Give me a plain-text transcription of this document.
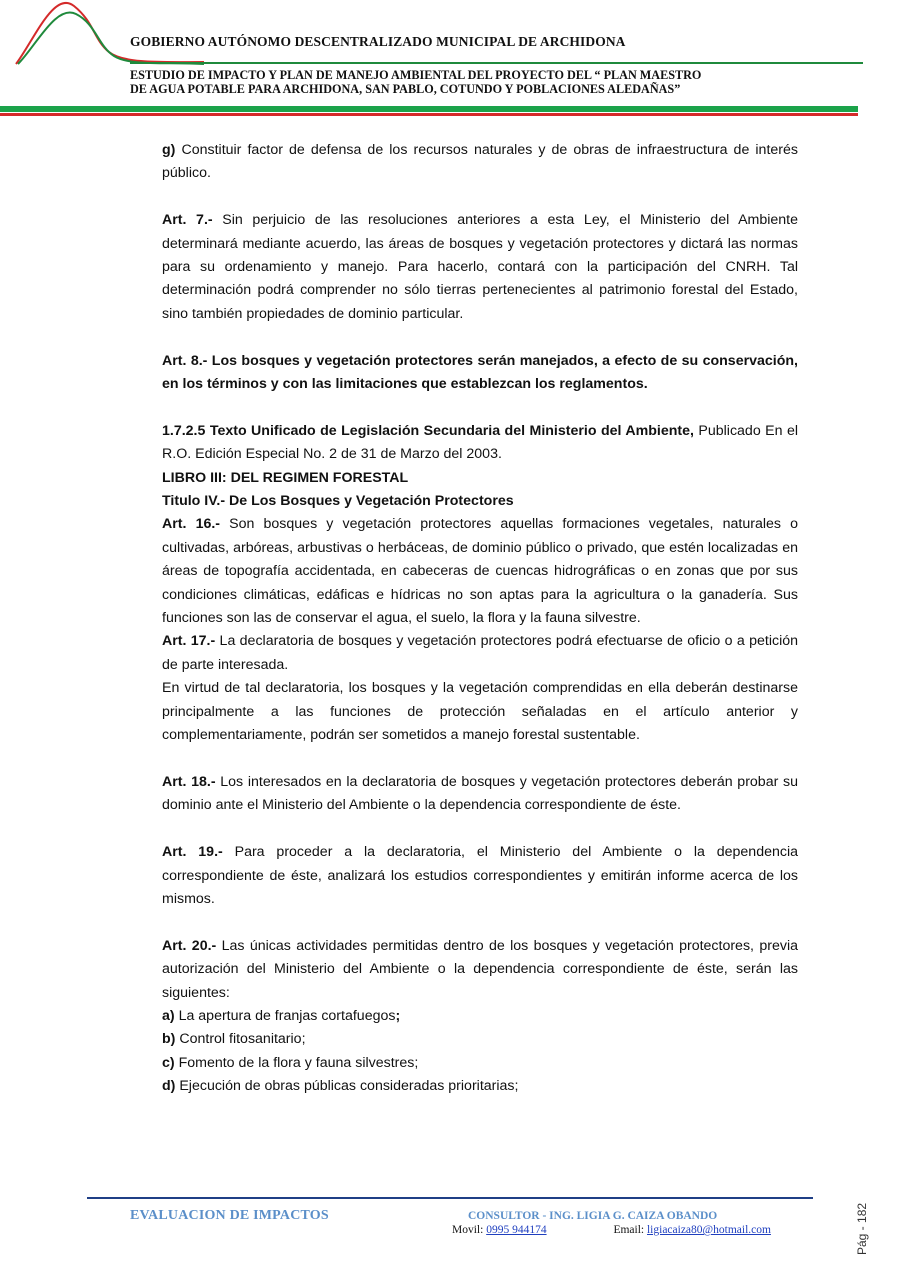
GOBIERNO AUTÓNOMO DESCENTRALIZADO MUNICIPAL DE ARCHIDONA
ESTUDIO DE IMPACTO Y PLAN DE MANEJO AMBIENTAL DEL PROYECTO DEL “ PLAN MAESTRO
DE AGUA POTABLE PARA ARCHIDONA, SAN PABLO, COTUNDO Y POBLACIONES ALEDAÑAS”

g) Constituir factor de defensa de los recursos naturales y de obras de infraestructura de interés público.

Art. 7.- Sin perjuicio de las resoluciones anteriores a esta Ley, el Ministerio del Ambiente determinará mediante acuerdo, las áreas de bosques y vegetación protectores y dictará las normas para su ordenamiento y manejo. Para hacerlo, contará con la participación del CNRH. Tal determinación podrá comprender no sólo tierras pertenecientes al patrimonio forestal del Estado, sino también propiedades de dominio particular.

Art. 8.- Los bosques y vegetación protectores serán manejados, a efecto de su conservación, en los términos y con las limitaciones que establezcan los reglamentos.

1.7.2.5 Texto Unificado de Legislación Secundaria del Ministerio del Ambiente, Publicado En el R.O. Edición Especial No. 2 de 31 de Marzo del 2003.

LIBRO III: DEL REGIMEN FORESTAL

Titulo IV.- De Los Bosques y Vegetación Protectores

Art. 16.- Son bosques y vegetación protectores aquellas formaciones vegetales, naturales o cultivadas, arbóreas, arbustivas o herbáceas, de dominio público o privado, que estén localizadas en áreas de topografía accidentada, en cabeceras de cuencas hidrográficas o en zonas que por sus condiciones climáticas, edáficas e hídricas no son aptas para la agricultura o la ganadería. Sus funciones son las de conservar el agua, el suelo, la flora y la fauna silvestre.

Art. 17.- La declaratoria de bosques y vegetación protectores podrá efectuarse de oficio o a petición de parte interesada.

En virtud de tal declaratoria, los bosques y la vegetación comprendidas en ella deberán destinarse principalmente a las funciones de protección señaladas en el artículo anterior y complementariamente, podrán ser sometidos a manejo forestal sustentable.

Art. 18.- Los interesados en la declaratoria de bosques y vegetación protectores deberán probar su dominio ante el Ministerio del Ambiente o la dependencia correspondiente de éste.

Art. 19.- Para proceder a la declaratoria, el Ministerio del Ambiente o la dependencia correspondiente de éste, analizará los estudios correspondientes y emitirán informe acerca de los mismos.

Art. 20.- Las únicas actividades permitidas dentro de los bosques y vegetación protectores, previa autorización del Ministerio del Ambiente o la dependencia correspondiente de éste, serán las siguientes:

a) La apertura de franjas cortafuegos;

b) Control fitosanitario;

c) Fomento de la flora y fauna silvestres;

d) Ejecución de obras públicas consideradas prioritarias;

EVALUACION DE IMPACTOS	CONSULTOR - ING. LIGIA G. CAIZA OBANDO
Movil: 0995 944174	Email: ligiacaiza80@hotmail.com	Pág - 182
